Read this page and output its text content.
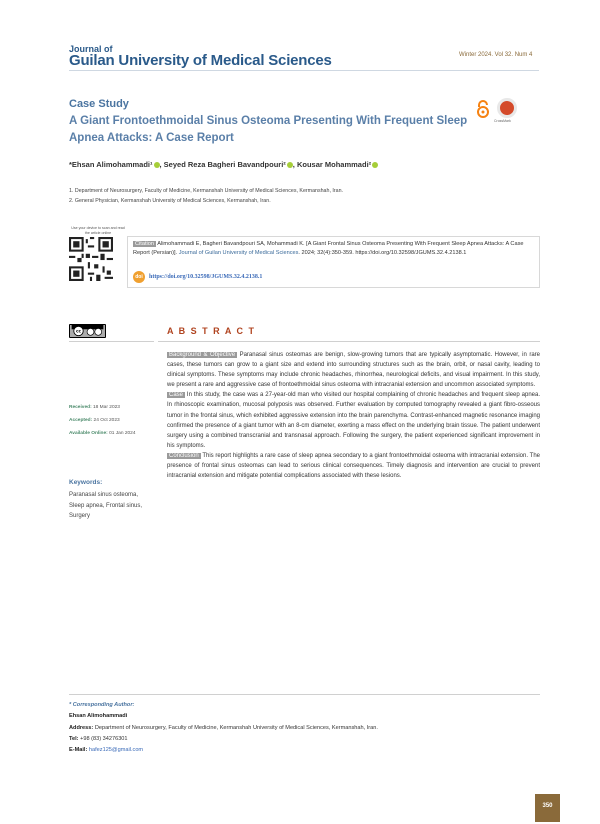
Journal of
Guilan University of Medical Sciences	Winter 2024. Vol 32. Num 4
Case Study
A Giant Frontoethmoidal Sinus Osteoma Presenting With Frequent Sleep Apnea Attacks: A Case Report
CrossMark
*Ehsan Alimohammadi¹ , Seyed Reza Bagheri Bavandpouri² , Kousar Mohammadi²
1. Department of Neurosurgery, Faculty of Medicine, Kermanshah University of Medical Sciences, Kermanshah, Iran.
2. General Physician, Kermanshah University of Medical Sciences, Kermanshah, Iran.
Use your device to scan and read the article online
Citation Alimohammadi E, Bagheri Bavandpouri SA, Mohammadi K. [A Giant Frontal Sinus Osteoma Presenting With Frequent Sleep Apnea Attacks: A Case Report (Persian)]. Journal of Guilan University of Medical Sciences. 2024; 32(4):350-359. https://doi.org/10.32598/JGUMS.32.4.2138.1
doi	https://doi.org/10.32598/JGUMS.32.4.2138.1
cc	A B S T R A C T
Received: 18 Mar 2023
Accepted: 24 Oct 2023
Available Online: 01 Jan 2024
Keywords:
Paranasal sinus osteoma, Sleep apnea, Frontal sinus, Surgery

Background & Objective Paranasal sinus osteomas are benign, slow-growing tumors that are typically asymptomatic. However, in rare cases, these tumors can grow to a giant size and extend into surrounding structures such as the brain, orbit, or nasal cavity, leading to clinical symptoms. These symptoms may include chronic headaches, rhinorrhea, neurological deficits, and visual impairment. In this study, we present a rare and aggressive case of frontoethmoidal sinus osteoma with intracranial extension and uncommon associated symptoms.

Case In this study, the case was a 27-year-old man who visited our hospital complaining of chronic headaches and frequent sleep apnea. In rhinoscopic examination, mucosal polyposis was observed. Further evaluation by computed tomography revealed a giant fibro-osseous tumor in the frontal sinus, which exhibited aggressive extension into the brain parenchyma. Contrast-enhanced magnetic resonance imaging confirmed the presence of a giant tumor with an 8-cm diameter, exerting a mass effect on the underlying brain tissue. The patient underwent surgery using a combined transcranial and transnasal approach. Following the surgery, the patient experienced significant improvement in his symptoms.

Conclusion This report highlights a rare case of sleep apnea secondary to a giant frontoethmoidal osteoma with intracranial extension. The presence of frontal sinus osteomas can lead to serious clinical consequences. Timely diagnosis and intervention are crucial to prevent intracranial extension and mitigate potential complications associated with these lesions.

* Corresponding Author:
Ehsan Alimohammadi
Address: Department of Neurosurgery, Faculty of Medicine, Kermanshah University of Medical Sciences, Kermanshah, Iran.
Tel: +98 (83) 34276301
E-Mail: hafez125@gmail.com
350
